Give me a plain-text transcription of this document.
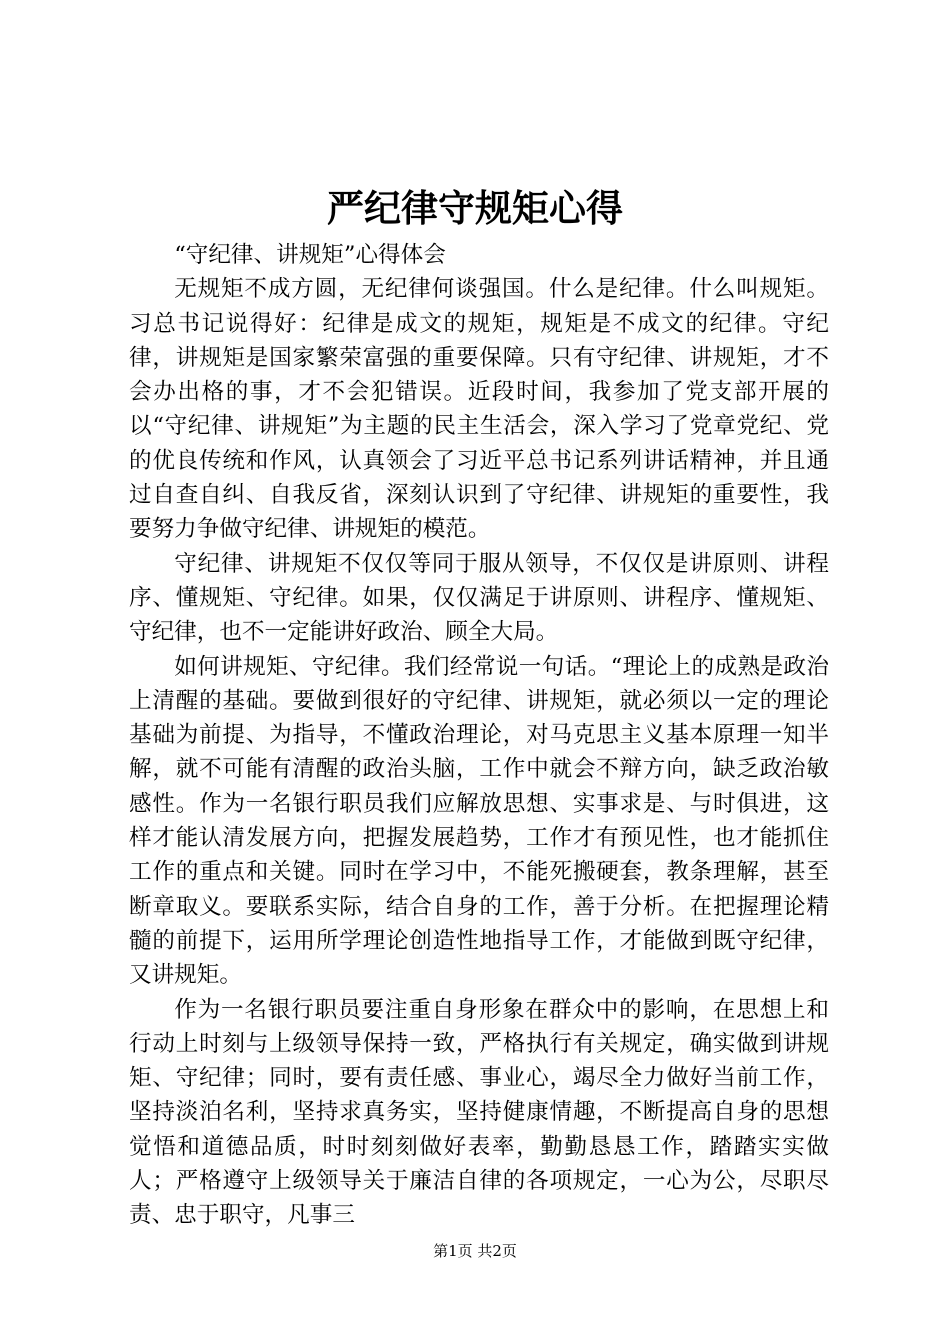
严纪律守规矩心得

“守纪律、讲规矩”心得体会

无规矩不成方圆，无纪律何谈强国。什么是纪律。什么叫规矩。习总书记说得好：纪律是成文的规矩，规矩是不成文的纪律。守纪律，讲规矩是国家繁荣富强的重要保障。只有守纪律、讲规矩，才不会办出格的事，才不会犯错误。近段时间，我参加了党支部开展的以“守纪律、讲规矩”为主题的民主生活会，深入学习了党章党纪、党的优良传统和作风，认真领会了习近平总书记系列讲话精神，并且通过自查自纠、自我反省，深刻认识到了守纪律、讲规矩的重要性，我要努力争做守纪律、讲规矩的模范。

守纪律、讲规矩不仅仅等同于服从领导，不仅仅是讲原则、讲程序、懂规矩、守纪律。如果，仅仅满足于讲原则、讲程序、懂规矩、守纪律，也不一定能讲好政治、顾全大局。

如何讲规矩、守纪律。我们经常说一句话。“理论上的成熟是政治上清醒的基础。要做到很好的守纪律、讲规矩，就必须以一定的理论基础为前提、为指导，不懂政治理论，对马克思主义基本原理一知半解，就不可能有清醒的政治头脑，工作中就会不辩方向，缺乏政治敏感性。作为一名银行职员我们应解放思想、实事求是、与时俱进，这样才能认清发展方向，把握发展趋势，工作才有预见性，也才能抓住工作的重点和关键。同时在学习中，不能死搬硬套，教条理解，甚至断章取义。要联系实际，结合自身的工作，善于分析。在把握理论精髓的前提下，运用所学理论创造性地指导工作，才能做到既守纪律，又讲规矩。

作为一名银行职员要注重自身形象在群众中的影响，在思想上和行动上时刻与上级领导保持一致，严格执行有关规定，确实做到讲规矩、守纪律；同时，要有责任感、事业心，竭尽全力做好当前工作，坚持淡泊名利，坚持求真务实，坚持健康情趣，不断提高自身的思想觉悟和道德品质，时时刻刻做好表率，勤勤恳恳工作，踏踏实实做人；严格遵守上级领导关于廉洁自律的各项规定，一心为公，尽职尽责、忠于职守，凡事三

第1页 共2页
